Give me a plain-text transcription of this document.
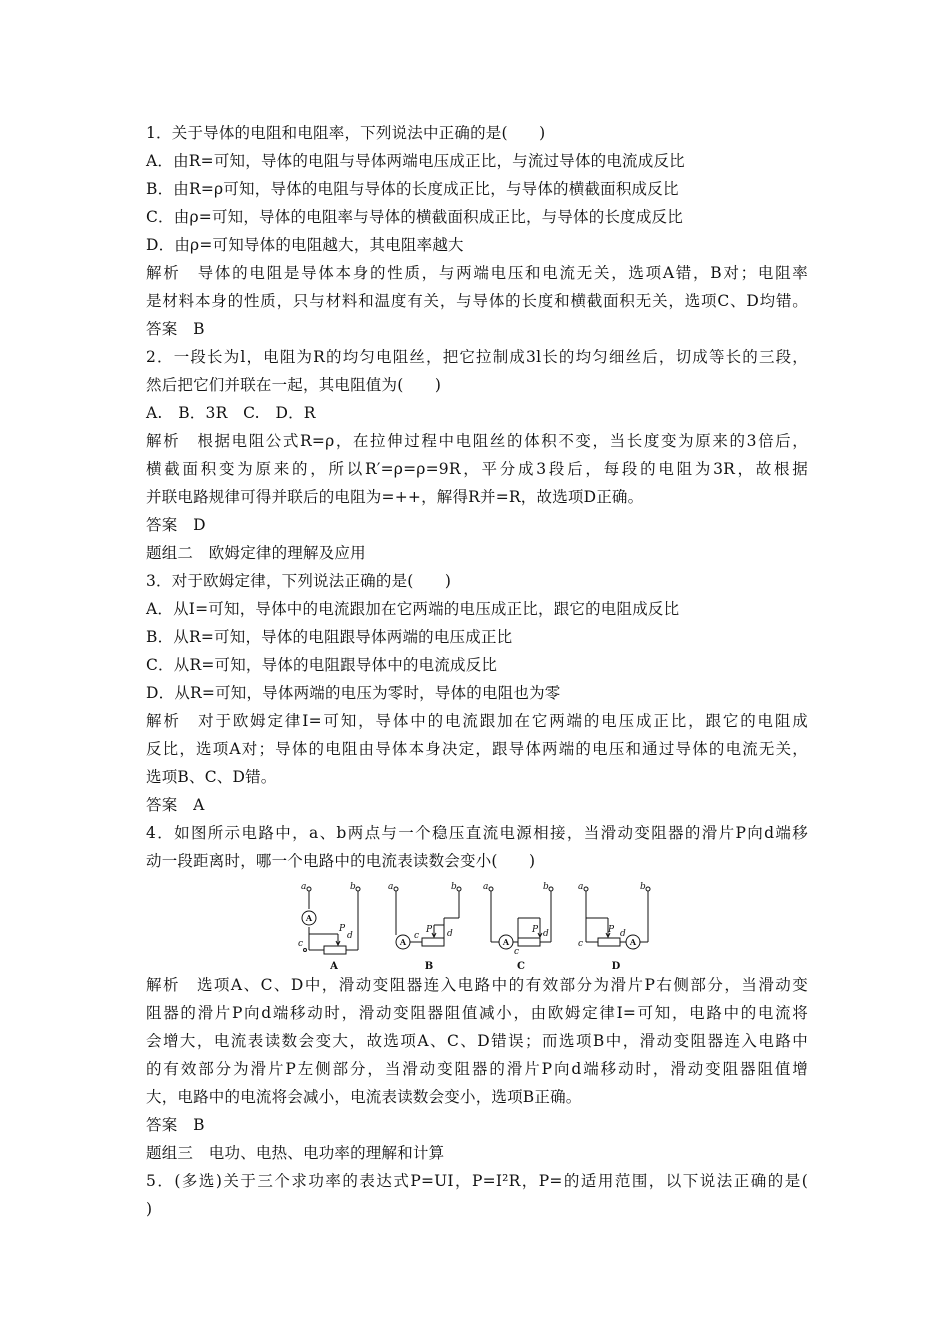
1．关于导体的电阻和电阻率，下列说法中正确的是(　　)
A．由R=可知，导体的电阻与导体两端电压成正比，与流过导体的电流成反比
B．由R=ρ可知，导体的电阻与导体的长度成正比，与导体的横截面积成反比
C．由ρ=可知，导体的电阻率与导体的横截面积成正比，与导体的长度成反比
D．由ρ=可知导体的电阻越大，其电阻率越大
解析　导体的电阻是导体本身的性质，与两端电压和电流无关，选项A错，B对；电阻率
是材料本身的性质，只与材料和温度有关，与导体的长度和横截面积无关，选项C、D均错。
答案　B
2．一段长为l，电阻为R的均匀电阻丝，把它拉制成3l长的均匀细丝后，切成等长的三段，
然后把它们并联在一起，其电阻值为(　　)
A.　B．3R　C.　D．R
解析　根据电阻公式R=ρ，在拉伸过程中电阻丝的体积不变，当长度变为原来的3倍后，
横截面积变为原来的，所以R′=ρ=ρ=9R，平分成3段后，每段的电阻为3R，故根据
并联电路规律可得并联后的电阻为=++，解得R并=R，故选项D正确。
答案　D
题组二　欧姆定律的理解及应用
3．对于欧姆定律，下列说法正确的是(　　)
A．从I=可知，导体中的电流跟加在它两端的电压成正比，跟它的电阻成反比
B．从R=可知，导体的电阻跟导体两端的电压成正比
C．从R=可知，导体的电阻跟导体中的电流成反比
D．从R=可知，导体两端的电压为零时，导体的电阻也为零
解析　对于欧姆定律I=可知，导体中的电流跟加在它两端的电压成正比，跟它的电阻成
反比，选项A对；导体的电阻由导体本身决定，跟导体两端的电压和通过导体的电流无关，
选项B、C、D错。
答案　A
4．如图所示电路中，a、b两点与一个稳压直流电源相接，当滑动变阻器的滑片P向d端移
动一段距离时，哪一个电路中的电流表读数会变小(　　)
a	b
c
P
d
a	b
c
P d
a	b
c
P d
a	b
c
P d
A
A	A	A
A	B	C	D
解析　选项A、C、D中，滑动变阻器连入电路中的有效部分为滑片P右侧部分，当滑动变
阻器的滑片P向d端移动时，滑动变阻器阻值减小，由欧姆定律I=可知，电路中的电流将
会增大，电流表读数会变大，故选项A、C、D错误；而选项B中，滑动变阻器连入电路中
的有效部分为滑片P左侧部分，当滑动变阻器的滑片P向d端移动时，滑动变阻器阻值增
大，电路中的电流将会减小，电流表读数会变小，选项B正确。
答案　B
题组三　电功、电热、电功率的理解和计算
5．(多选)关于三个求功率的表达式P=UI，P=I²R，P=的适用范围，以下说法正确的是(
)
